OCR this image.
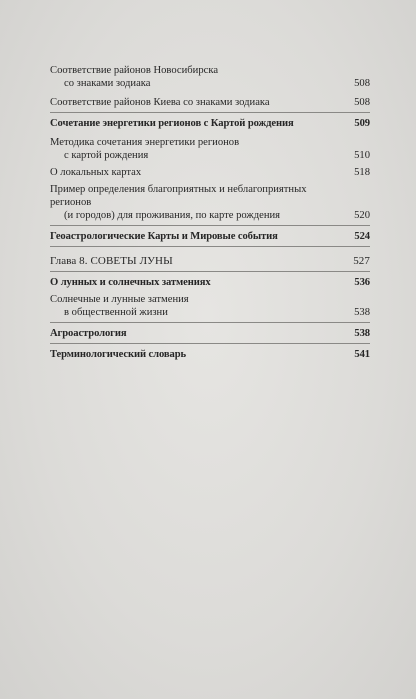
Соответствие районов Новосибирска
со знаками зодиака	508
Соответствие районов Киева со знаками зодиака	508
Сочетание энергетики регионов с Картой рождения	509
Методика сочетания энергетики регионов
с картой рождения	510
О локальных картах	518
Пример определения благоприятных и неблагоприятных регионов
(и городов) для проживания, по карте рождения	520
Геоастрологические Карты и Мировые события	524
Глава 8. СОВЕТЫ ЛУНЫ	527
О лунных и солнечных затмениях	536
Солнечные и лунные затмения
в общественной жизни	538
Агроастрология	538
Терминологический словарь	541
